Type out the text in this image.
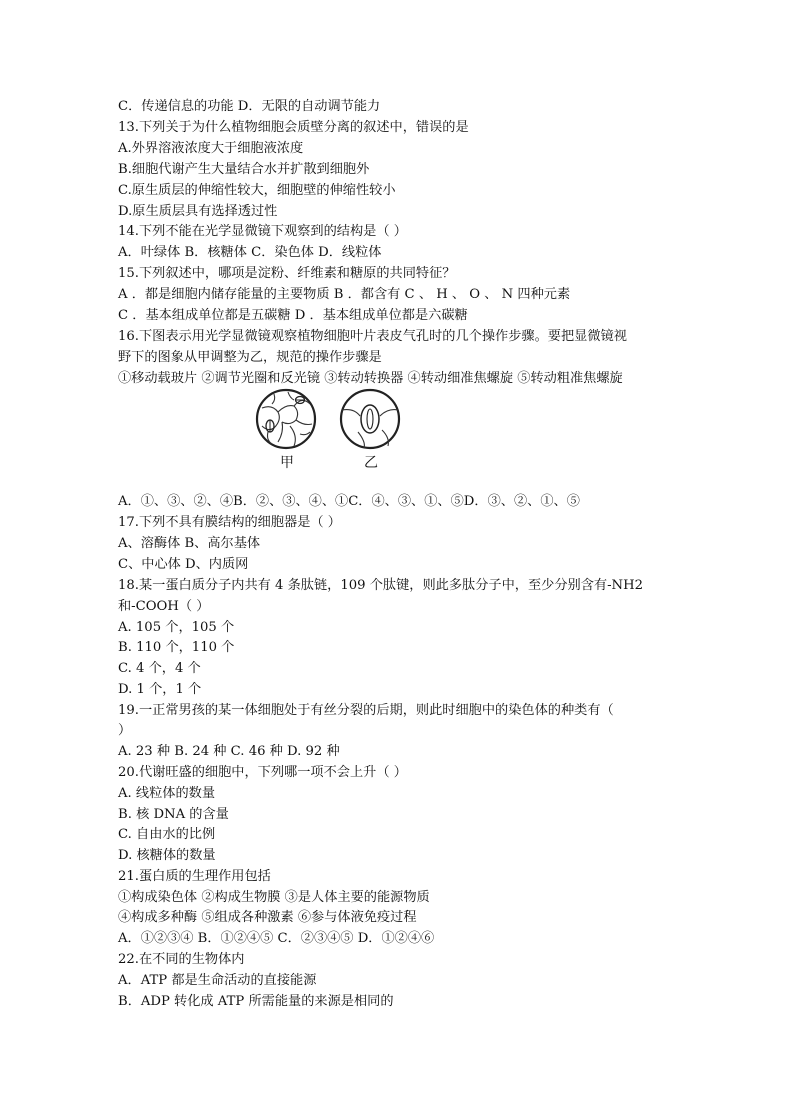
C．传递信息的功能 D．无限的自动调节能力
13.下列关于为什么植物细胞会质壁分离的叙述中，错误的是
A.外界溶液浓度大于细胞液浓度
B.细胞代谢产生大量结合水并扩散到细胞外
C.原生质层的伸缩性较大，细胞壁的伸缩性较小
D.原生质层具有选择透过性
14.下列不能在光学显微镜下观察到的结构是（ ）
A．叶绿体 B．核糖体 C．染色体 D．线粒体
15.下列叙述中，哪项是淀粉、纤维素和糖原的共同特征？
A ．都是细胞内储存能量的主要物质 B ．都含有 C 、 H 、 O 、 N 四种元素
C ．基本组成单位都是五碳糖 D ．基本组成单位都是六碳糖
16.下图表示用光学显微镜观察植物细胞叶片表皮气孔时的几个操作步骤。要把显微镜视
野下的图象从甲调整为乙，规范的操作步骤是
①移动载玻片 ②调节光圈和反光镜 ③转动转换器 ④转动细准焦螺旋 ⑤转动粗准焦螺旋
甲	乙
A．①、③、②、④B．②、③、④、①C．④、③、①、⑤D．③、②、①、⑤
17.下列不具有膜结构的细胞器是（ ）
A、溶酶体 B、高尔基体
C、中心体 D、内质网
18.某一蛋白质分子内共有 4 条肽链，109 个肽键，则此多肽分子中，至少分别含有-NH2
和-COOH（ ）
A. 105 个，105 个
B. 110 个，110 个
C. 4 个，4 个
D. 1 个，1 个
19.一正常男孩的某一体细胞处于有丝分裂的后期，则此时细胞中的染色体的种类有（
）
A. 23 种 B. 24 种 C. 46 种 D. 92 种
20.代谢旺盛的细胞中，下列哪一项不会上升（ ）
A. 线粒体的数量
B. 核 DNA 的含量
C. 自由水的比例
D. 核糖体的数量
21.蛋白质的生理作用包括
①构成染色体 ②构成生物膜 ③是人体主要的能源物质
④构成多种酶 ⑤组成各种激素 ⑥参与体液免疫过程
A．①②③④ B．①②④⑤ C．②③④⑤ D．①②④⑥
22.在不同的生物体内
A．ATP 都是生命活动的直接能源
B．ADP 转化成 ATP 所需能量的来源是相同的
